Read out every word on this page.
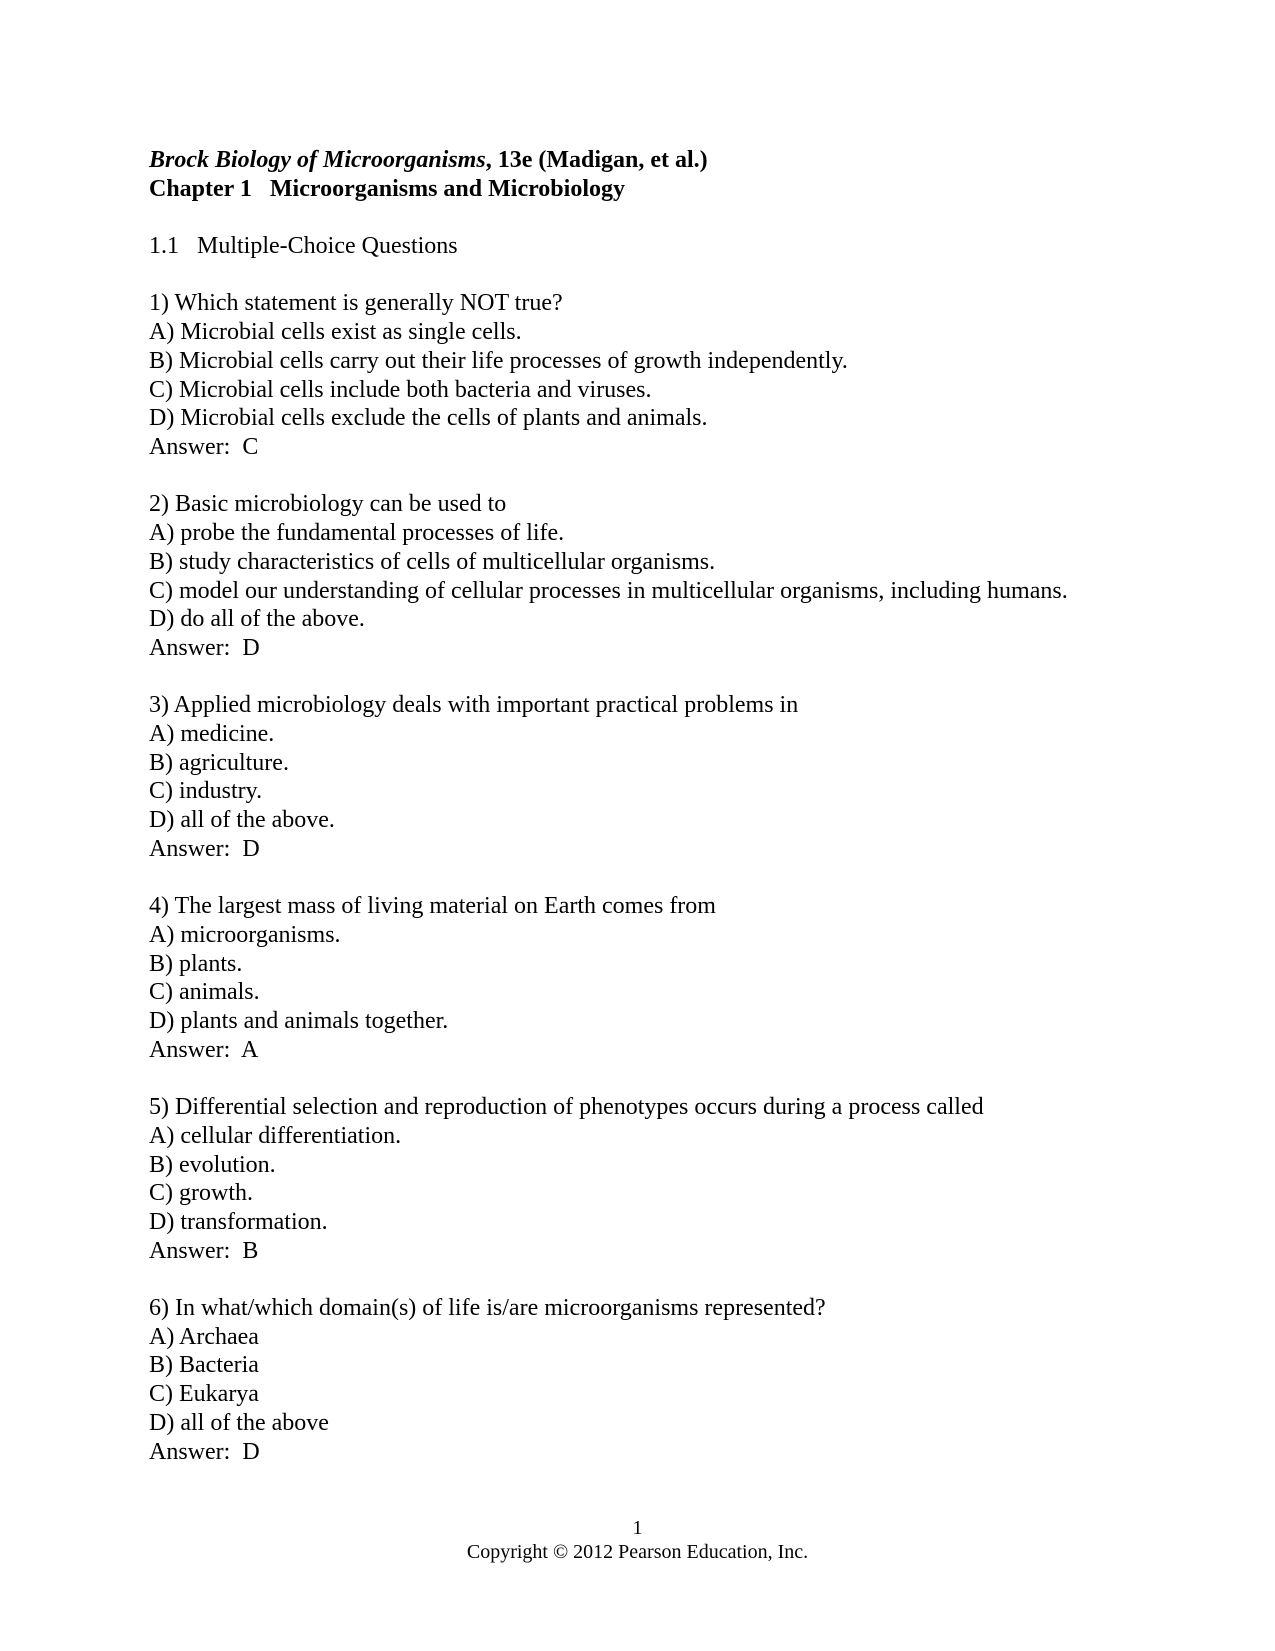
Brock Biology of Microorganisms, 13e (Madigan, et al.)
Chapter 1   Microorganisms and Microbiology
1.1   Multiple-Choice Questions
1) Which statement is generally NOT true?
A) Microbial cells exist as single cells.
B) Microbial cells carry out their life processes of growth independently.
C) Microbial cells include both bacteria and viruses.
D) Microbial cells exclude the cells of plants and animals.
Answer:  C
2) Basic microbiology can be used to
A) probe the fundamental processes of life.
B) study characteristics of cells of multicellular organisms.
C) model our understanding of cellular processes in multicellular organisms, including humans.
D) do all of the above.
Answer:  D
3) Applied microbiology deals with important practical problems in
A) medicine.
B) agriculture.
C) industry.
D) all of the above.
Answer:  D
4) The largest mass of living material on Earth comes from
A) microorganisms.
B) plants.
C) animals.
D) plants and animals together.
Answer:  A
5) Differential selection and reproduction of phenotypes occurs during a process called
A) cellular differentiation.
B) evolution.
C) growth.
D) transformation.
Answer:  B
6) In what/which domain(s) of life is/are microorganisms represented?
A) Archaea
B) Bacteria
C) Eukarya
D) all of the above
Answer:  D
1
Copyright © 2012 Pearson Education, Inc.
